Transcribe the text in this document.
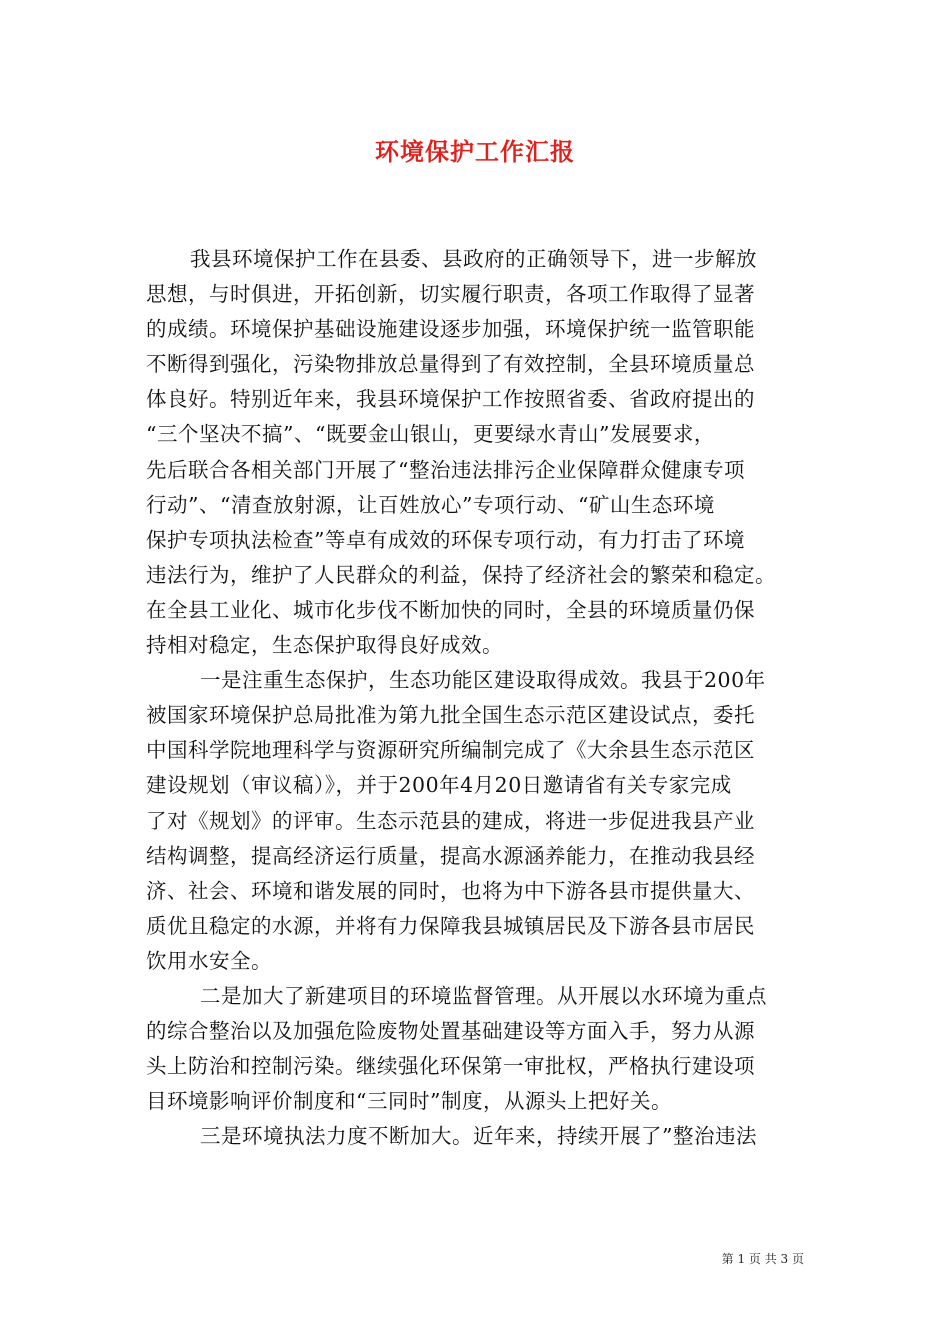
环境保护工作汇报
我县环境保护工作在县委、县政府的正确领导下，进一步解放
思想，与时俱进，开拓创新，切实履行职责，各项工作取得了显著
的成绩。环境保护基础设施建设逐步加强，环境保护统一监管职能
不断得到强化，污染物排放总量得到了有效控制，全县环境质量总
体良好。特别近年来，我县环境保护工作按照省委、省政府提出的
“三个坚决不搞”、“既要金山银山，更要绿水青山”发展要求，
先后联合各相关部门开展了“整治违法排污企业保障群众健康专项
行动”、“清查放射源，让百姓放心”专项行动、“矿山生态环境
保护专项执法检查”等卓有成效的环保专项行动，有力打击了环境
违法行为，维护了人民群众的利益，保持了经济社会的繁荣和稳定。
在全县工业化、城市化步伐不断加快的同时，全县的环境质量仍保
持相对稳定，生态保护取得良好成效。
一是注重生态保护，生态功能区建设取得成效。我县于200年
被国家环境保护总局批准为第九批全国生态示范区建设试点，委托
中国科学院地理科学与资源研究所编制完成了《大余县生态示范区
建设规划（审议稿）》，并于200年4月20日邀请省有关专家完成
了对《规划》的评审。生态示范县的建成，将进一步促进我县产业
结构调整，提高经济运行质量，提高水源涵养能力，在推动我县经
济、社会、环境和谐发展的同时，也将为中下游各县市提供量大、
质优且稳定的水源，并将有力保障我县城镇居民及下游各县市居民
饮用水安全。
二是加大了新建项目的环境监督管理。从开展以水环境为重点
的综合整治以及加强危险废物处置基础建设等方面入手，努力从源
头上防治和控制污染。继续强化环保第一审批权，严格执行建设项
目环境影响评价制度和“三同时”制度，从源头上把好关。
三是环境执法力度不断加大。近年来，持续开展了”整治违法
第 1 页 共 3 页
